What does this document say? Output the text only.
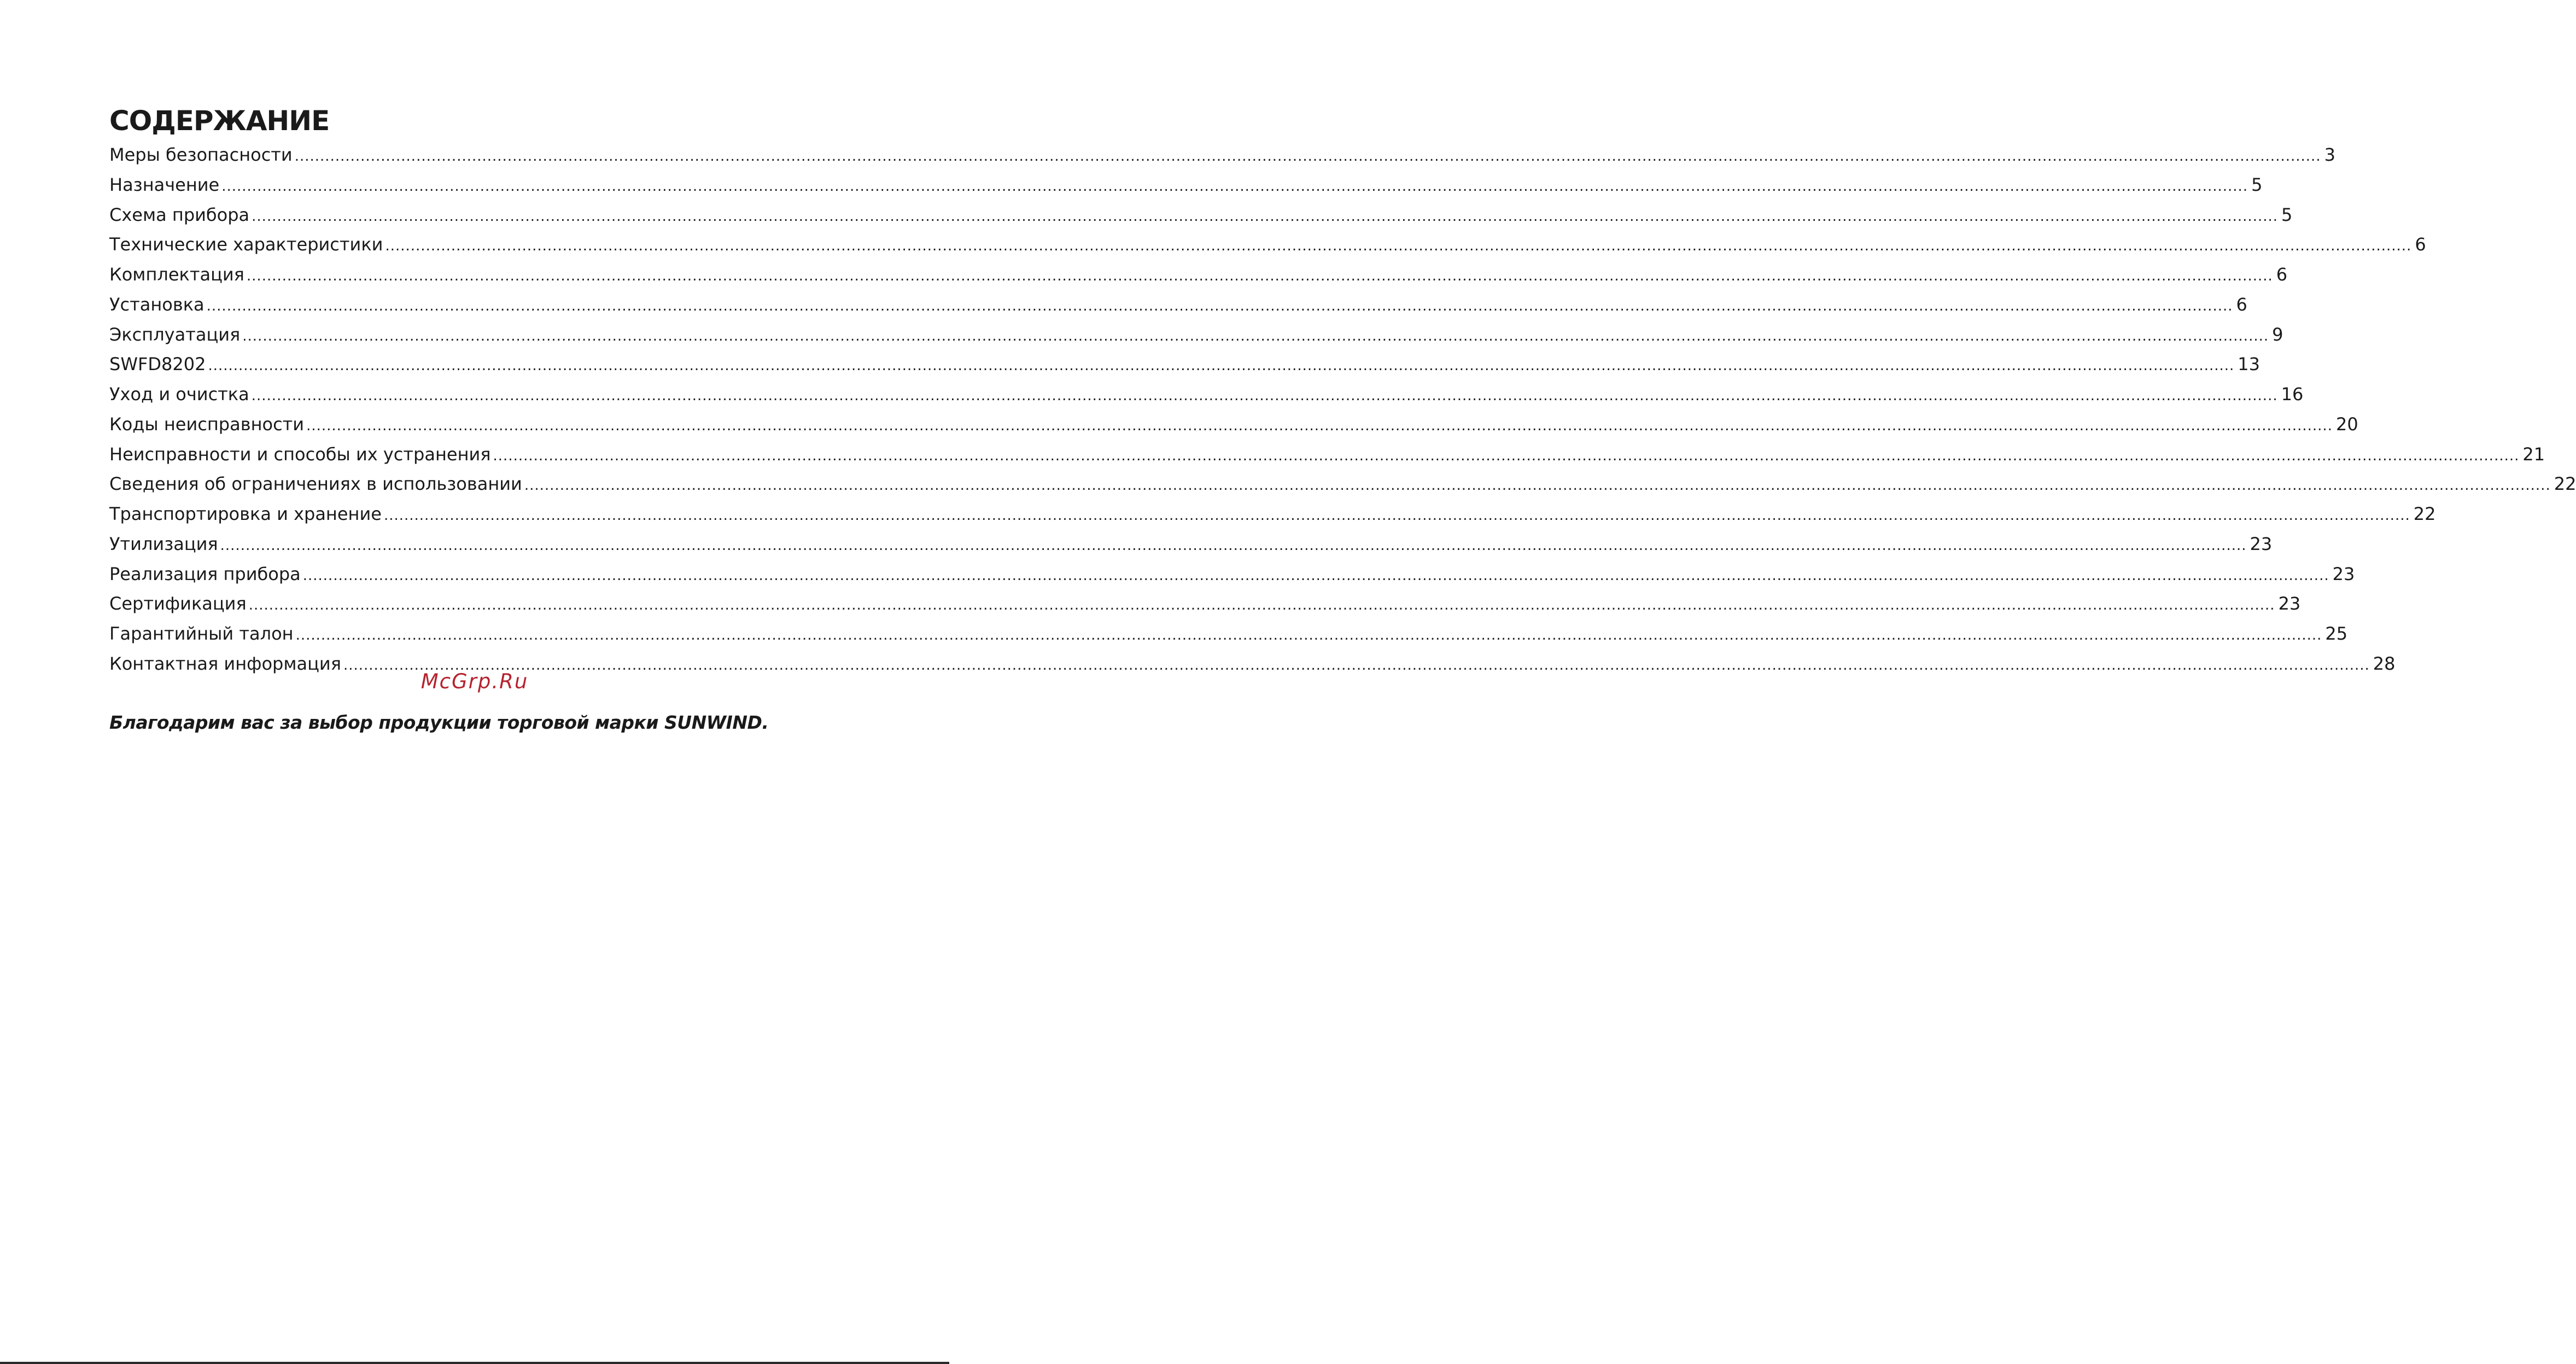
СОДЕРЖАНИЕ
Меры безопасности ................................................................................................................................................................................................................................................................................................................................................................................................................ 3
Назначение ................................................................................................................................................................................................................................................................................................................................................................................................................ 5
Схема прибора ................................................................................................................................................................................................................................................................................................................................................................................................................ 5
Технические характеристики ................................................................................................................................................................................................................................................................................................................................................................................................................ 6
Комплектация ................................................................................................................................................................................................................................................................................................................................................................................................................ 6
Установка ................................................................................................................................................................................................................................................................................................................................................................................................................ 6
Эксплуатация ................................................................................................................................................................................................................................................................................................................................................................................................................ 9
SWFD8202 ................................................................................................................................................................................................................................................................................................................................................................................................................ 13
Уход и очистка ................................................................................................................................................................................................................................................................................................................................................................................................................ 16
Коды неисправности ................................................................................................................................................................................................................................................................................................................................................................................................................ 20
Неисправности и способы их устранения ................................................................................................................................................................................................................................................................................................................................................................................................................ 21
Сведения об ограничениях в использовании ................................................................................................................................................................................................................................................................................................................................................................................................................ 22
Транспортировка и хранение ................................................................................................................................................................................................................................................................................................................................................................................................................ 22
Утилизация ................................................................................................................................................................................................................................................................................................................................................................................................................ 23
Реализация прибора ................................................................................................................................................................................................................................................................................................................................................................................................................ 23
Сертификация ................................................................................................................................................................................................................................................................................................................................................................................................................ 23
Гарантийный талон ................................................................................................................................................................................................................................................................................................................................................................................................................ 25
Контактная информация ................................................................................................................................................................................................................................................................................................................................................................................................................ 28

McGrp.Ru

Благодарим вас за выбор продукции торговой марки SUNWIND.
